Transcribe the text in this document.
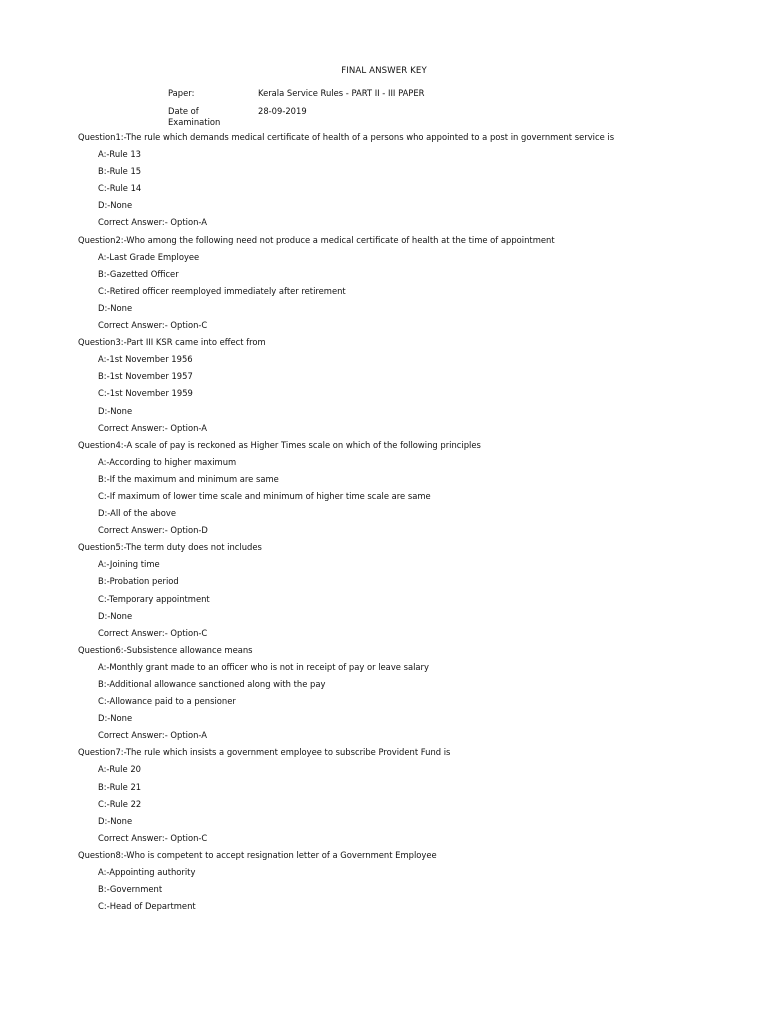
FINAL ANSWER KEY
Paper:	Kerala Service Rules - PART II - III PAPER
Date of
Examination
28-09-2019
Question1:-The rule which demands medical certificate of health of a persons who appointed to a post in government service is
A:-Rule 13
B:-Rule 15
C:-Rule 14
D:-None
Correct Answer:- Option-A
Question2:-Who among the following need not produce a medical certificate of health at the time of appointment
A:-Last Grade Employee
B:-Gazetted Officer
C:-Retired officer reemployed immediately after retirement
D:-None
Correct Answer:- Option-C
Question3:-Part III KSR came into effect from
A:-1st November 1956
B:-1st November 1957
C:-1st November 1959
D:-None
Correct Answer:- Option-A
Question4:-A scale of pay is reckoned as Higher Times scale on which of the following principles
A:-According to higher maximum
B:-If the maximum and minimum are same
C:-If maximum of lower time scale and minimum of higher time scale are same
D:-All of the above
Correct Answer:- Option-D
Question5:-The term duty does not includes
A:-Joining time
B:-Probation period
C:-Temporary appointment
D:-None
Correct Answer:- Option-C
Question6:-Subsistence allowance means
A:-Monthly grant made to an officer who is not in receipt of pay or leave salary
B:-Additional allowance sanctioned along with the pay
C:-Allowance paid to a pensioner
D:-None
Correct Answer:- Option-A
Question7:-The rule which insists a government employee to subscribe Provident Fund is
A:-Rule 20
B:-Rule 21
C:-Rule 22
D:-None
Correct Answer:- Option-C
Question8:-Who is competent to accept resignation letter of a Government Employee
A:-Appointing authority
B:-Government
C:-Head of Department
